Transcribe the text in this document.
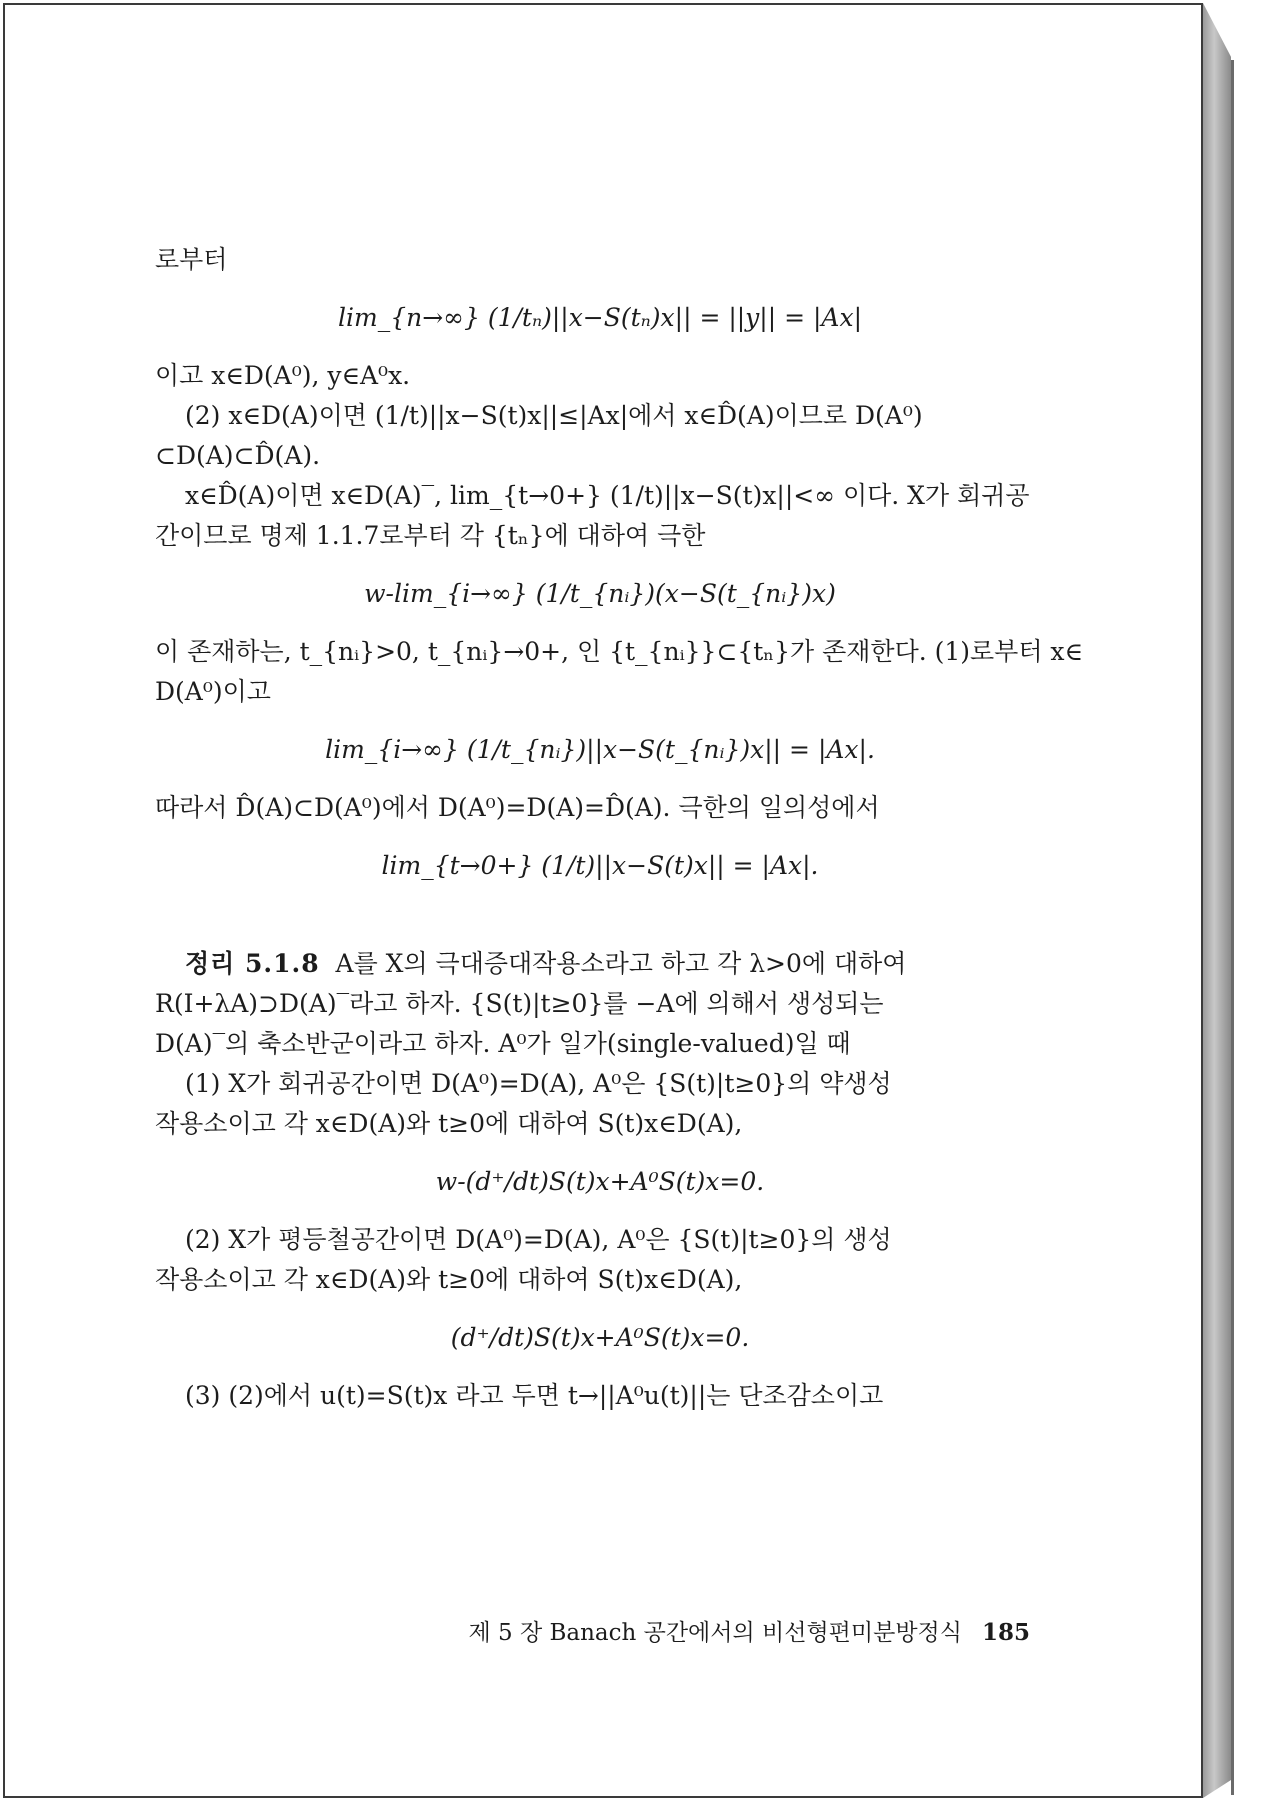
로부터
lim_{n→∞} (1/tₙ)||x−S(tₙ)x|| = ||y|| = |Ax|
이고 x∈D(A⁰), y∈A⁰x.
(2) x∈D(A)이면 (1/t)||x−S(t)x||≤|Ax|에서 x∈D̂(A)이므로 D(A⁰)
⊂D(A)⊂D̂(A).
x∈D̂(A)이면 x∈D(A)‾, lim_{t→0+} (1/t)||x−S(t)x||<∞ 이다. X가 회귀공
간이므로 명제 1.1.7로부터 각 {tₙ}에 대하여 극한
w-lim_{i→∞} (1/t_{nᵢ})(x−S(t_{nᵢ})x)
이 존재하는, t_{nᵢ}>0, t_{nᵢ}→0+, 인 {t_{nᵢ}}⊂{tₙ}가 존재한다. (1)로부터 x∈
D(A⁰)이고
lim_{i→∞} (1/t_{nᵢ})||x−S(t_{nᵢ})x|| = |Ax|.
따라서 D̂(A)⊂D(A⁰)에서 D(A⁰)=D(A)=D̂(A). 극한의 일의성에서
lim_{t→0+} (1/t)||x−S(t)x|| = |Ax|.
정리 5.1.8 A를 X의 극대증대작용소라고 하고 각 λ>0에 대하여
R(I+λA)⊃D(A)‾라고 하자. {S(t)|t≥0}를 −A에 의해서 생성되는
D(A)‾의 축소반군이라고 하자. A⁰가 일가(single-valued)일 때
(1) X가 회귀공간이면 D(A⁰)=D(A), A⁰은 {S(t)|t≥0}의 약생성
작용소이고 각 x∈D(A)와 t≥0에 대하여 S(t)x∈D(A),
w-(d⁺/dt)S(t)x+A⁰S(t)x=0.
(2) X가 평등철공간이면 D(A⁰)=D(A), A⁰은 {S(t)|t≥0}의 생성
작용소이고 각 x∈D(A)와 t≥0에 대하여 S(t)x∈D(A),
(d⁺/dt)S(t)x+A⁰S(t)x=0.
(3) (2)에서 u(t)=S(t)x 라고 두면 t→||A⁰u(t)||는 단조감소이고
제 5 장 Banach 공간에서의 비선형편미분방정식 185
